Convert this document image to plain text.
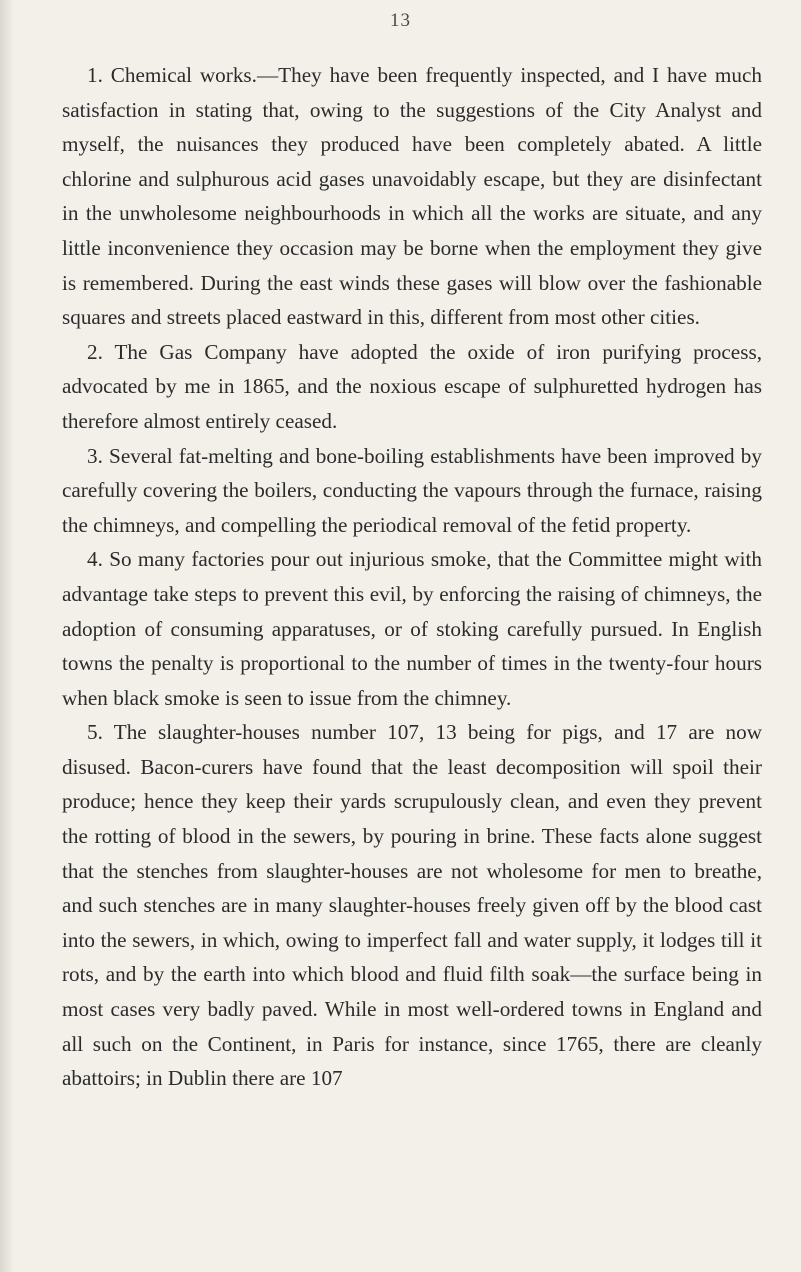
13

1. Chemical works.—They have been frequently inspected, and I have much satisfaction in stating that, owing to the suggestions of the City Analyst and myself, the nuisances they produced have been completely abated. A little chlorine and sulphurous acid gases unavoidably escape, but they are disinfectant in the unwholesome neighbourhoods in which all the works are situate, and any little inconvenience they occasion may be borne when the employment they give is remembered. During the east winds these gases will blow over the fashionable squares and streets placed eastward in this, different from most other cities.

2. The Gas Company have adopted the oxide of iron purifying process, advocated by me in 1865, and the noxious escape of sulphuretted hydrogen has therefore almost entirely ceased.

3. Several fat-melting and bone-boiling establishments have been improved by carefully covering the boilers, conducting the vapours through the furnace, raising the chimneys, and compelling the periodical removal of the fetid property.

4. So many factories pour out injurious smoke, that the Committee might with advantage take steps to prevent this evil, by enforcing the raising of chimneys, the adoption of consuming apparatuses, or of stoking carefully pursued. In English towns the penalty is proportional to the number of times in the twenty-four hours when black smoke is seen to issue from the chimney.

5. The slaughter-houses number 107, 13 being for pigs, and 17 are now disused. Bacon-curers have found that the least decomposition will spoil their produce; hence they keep their yards scrupulously clean, and even they prevent the rotting of blood in the sewers, by pouring in brine. These facts alone suggest that the stenches from slaughter-houses are not wholesome for men to breathe, and such stenches are in many slaughter-houses freely given off by the blood cast into the sewers, in which, owing to imperfect fall and water supply, it lodges till it rots, and by the earth into which blood and fluid filth soak—the surface being in most cases very badly paved. While in most well-ordered towns in England and all such on the Continent, in Paris for instance, since 1765, there are cleanly abattoirs; in Dublin there are 107
